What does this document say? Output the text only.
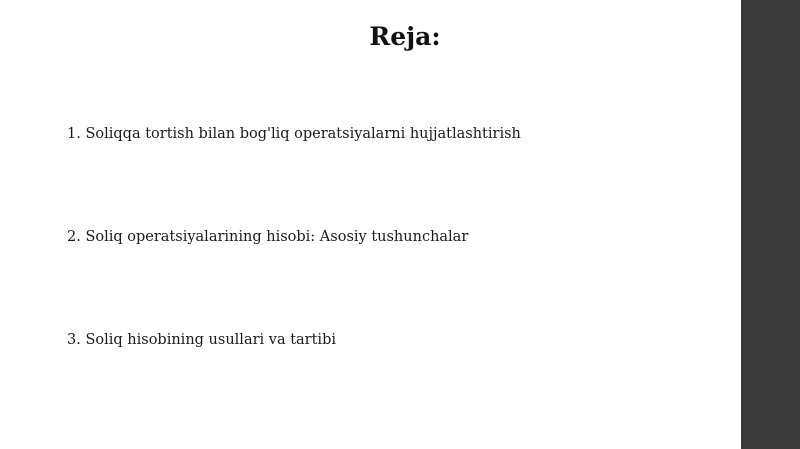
Reja:
1. Soliqqa tortish bilan bog'liq operatsiyalarni hujjatlashtirish
2. Soliq operatsiyalarining hisobi: Asosiy tushunchalar
3. Soliq hisobining usullari va tartibi
